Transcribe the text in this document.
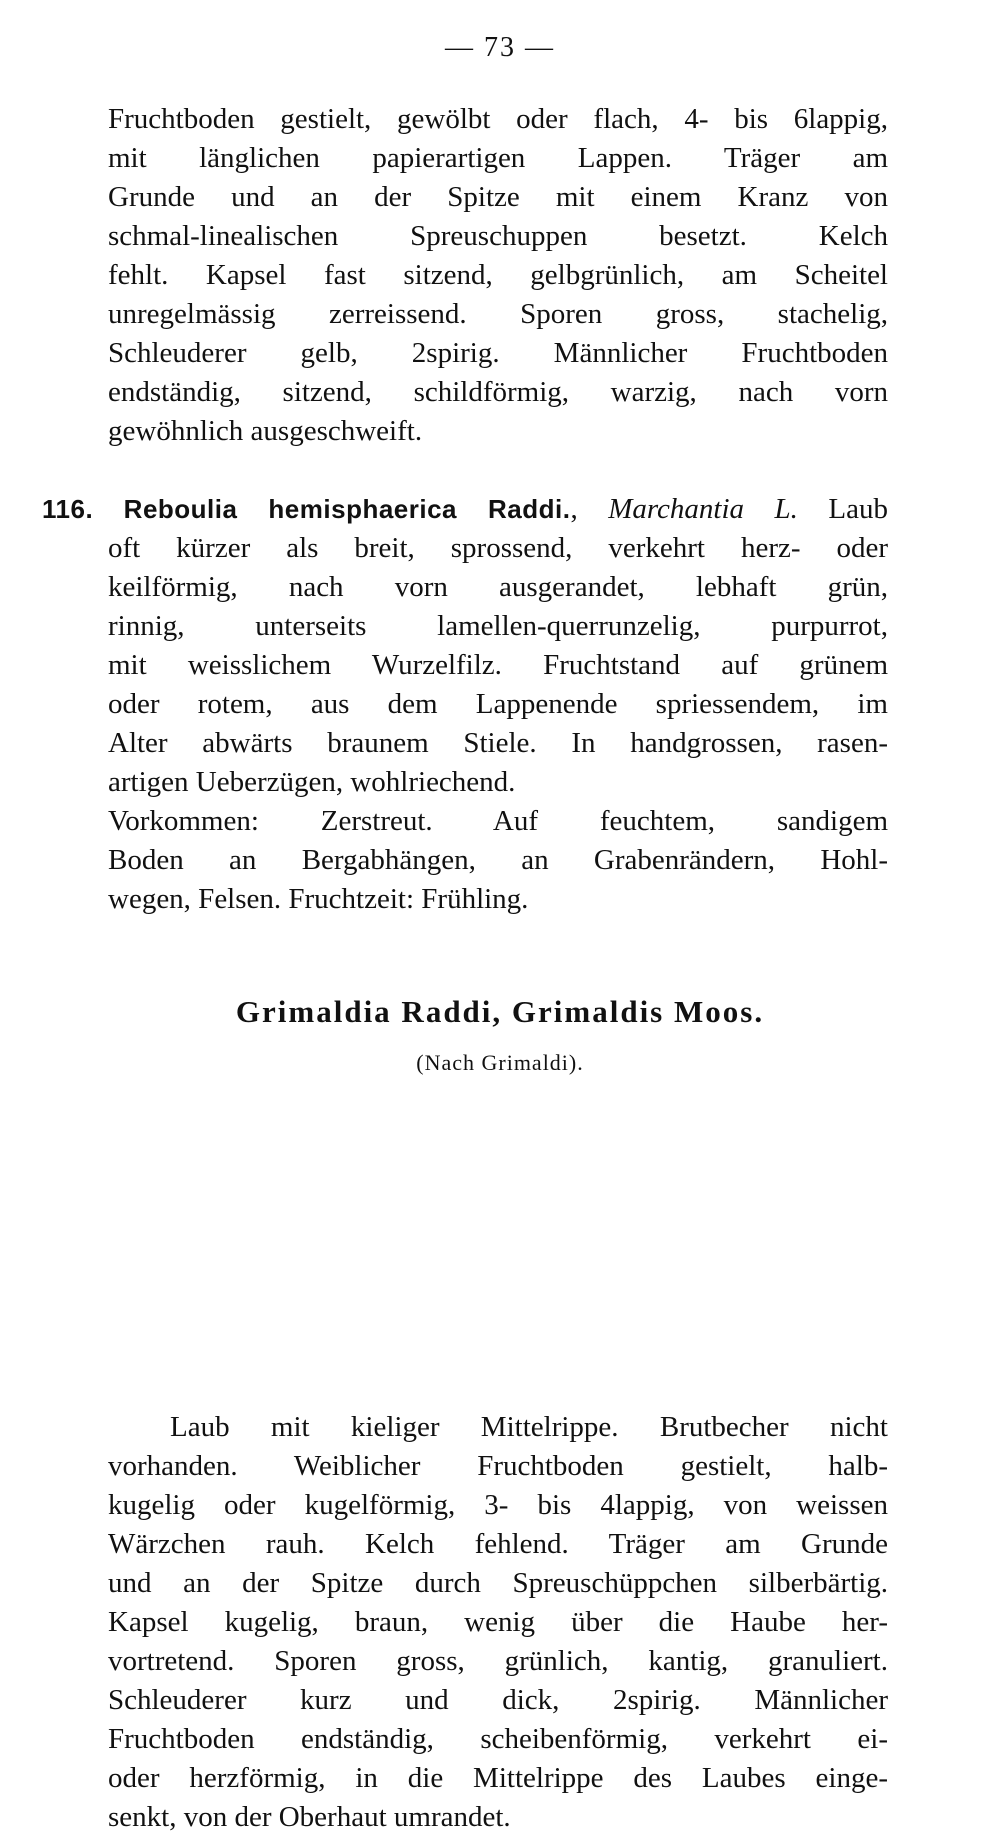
— 73 —
Fruchtboden gestielt, gewölbt oder flach, 4- bis 6lappig,
mit länglichen papierartigen Lappen. Träger am
Grunde und an der Spitze mit einem Kranz von
schmal-linealischen Spreuschuppen besetzt. Kelch
fehlt. Kapsel fast sitzend, gelbgrünlich, am Scheitel
unregelmässig zerreissend. Sporen gross, stachelig,
Schleuderer gelb, 2spirig. Männlicher Fruchtboden
endständig, sitzend, schildförmig, warzig, nach vorn
gewöhnlich ausgeschweift.
116. Reboulia hemisphaerica Raddi., Marchantia L. Laub
oft kürzer als breit, sprossend, verkehrt herz- oder
keilförmig, nach vorn ausgerandet, lebhaft grün,
rinnig, unterseits lamellen-querrunzelig, purpurrot,
mit weisslichem Wurzelfilz. Fruchtstand auf grünem
oder rotem, aus dem Lappenende spriessendem, im
Alter abwärts braunem Stiele. In handgrossen, rasen-
artigen Ueberzügen, wohlriechend.
Vorkommen: Zerstreut. Auf feuchtem, sandigem
Boden an Bergabhängen, an Grabenrändern, Hohl-
wegen, Felsen. Fruchtzeit: Frühling.
Grimaldia Raddi, Grimaldis Moos.
(Nach Grimaldi).
Laub mit kieliger Mittelrippe. Brutbecher nicht
vorhanden. Weiblicher Fruchtboden gestielt, halb-
kugelig oder kugelförmig, 3- bis 4lappig, von weissen
Wärzchen rauh. Kelch fehlend. Träger am Grunde
und an der Spitze durch Spreuschüppchen silberbärtig.
Kapsel kugelig, braun, wenig über die Haube her-
vortretend. Sporen gross, grünlich, kantig, granuliert.
Schleuderer kurz und dick, 2spirig. Männlicher
Fruchtboden endständig, scheibenförmig, verkehrt ei-
oder herzförmig, in die Mittelrippe des Laubes einge-
senkt, von der Oberhaut umrandet.
